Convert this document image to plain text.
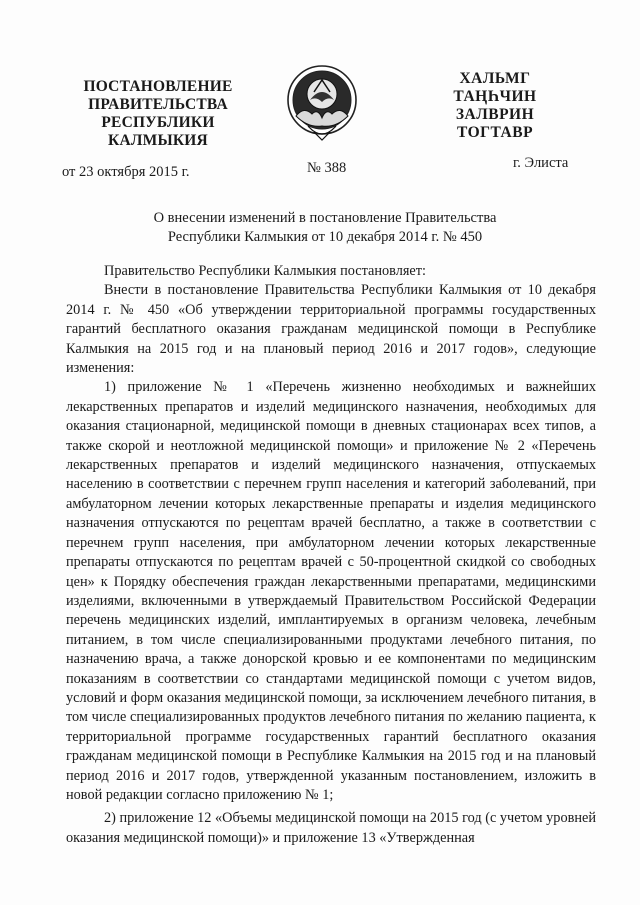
ПОСТАНОВЛЕНИЕ
ПРАВИТЕЛЬСТВА
РЕСПУБЛИКИ
КАЛМЫКИЯ
ХАЛЬМГ
ТАҢҺЧИН
ЗАЛВРИН
ТОГТАВР
от 23 октября 2015 г.	№ 388	г. Элиста
О внесении изменений в постановление Правительства
Республики Калмыкия от 10 декабря 2014 г. № 450

Правительство Республики Калмыкия постановляет:

Внести в постановление Правительства Республики Калмыкия от 10 декабря 2014 г. № 450 «Об утверждении территориальной программы государственных гарантий бесплатного оказания гражданам медицинской помощи в Республике Калмыкия на 2015 год и на плановый период 2016 и 2017 годов», следующие изменения:

1) приложение № 1 «Перечень жизненно необходимых и важнейших лекарственных препаратов и изделий медицинского назначения, необходимых для оказания стационарной, медицинской помощи в дневных стационарах всех типов, а также скорой и неотложной медицинской помощи» и приложение № 2 «Перечень лекарственных препаратов и изделий медицинского назначения, отпускаемых населению в соответствии с перечнем групп населения и категорий заболеваний, при амбулаторном лечении которых лекарственные препараты и изделия медицинского назначения отпускаются по рецептам врачей бесплатно, а также в соответствии с перечнем групп населения, при амбулаторном лечении которых лекарственные препараты отпускаются по рецептам врачей с 50-процентной скидкой со свободных цен» к Порядку обеспечения граждан лекарственными препаратами, медицинскими изделиями, включенными в утверждаемый Правительством Российской Федерации перечень медицинских изделий, имплантируемых в организм человека, лечебным питанием, в том числе специализированными продуктами лечебного питания, по назначению врача, а также донорской кровью и ее компонентами по медицинским показаниям в соответствии со стандартами медицинской помощи с учетом видов, условий и форм оказания медицинской помощи, за исключением лечебного питания, в том числе специализированных продуктов лечебного питания по желанию пациента, к территориальной программе государственных гарантий бесплатного оказания гражданам медицинской помощи в Республике Калмыкия на 2015 год и на плановый период 2016 и 2017 годов, утвержденной указанным постановлением, изложить в новой редакции согласно приложению № 1;

2) приложение 12 «Объемы медицинской помощи на 2015 год (с учетом уровней оказания медицинской помощи)» и приложение 13 «Утвержденная
